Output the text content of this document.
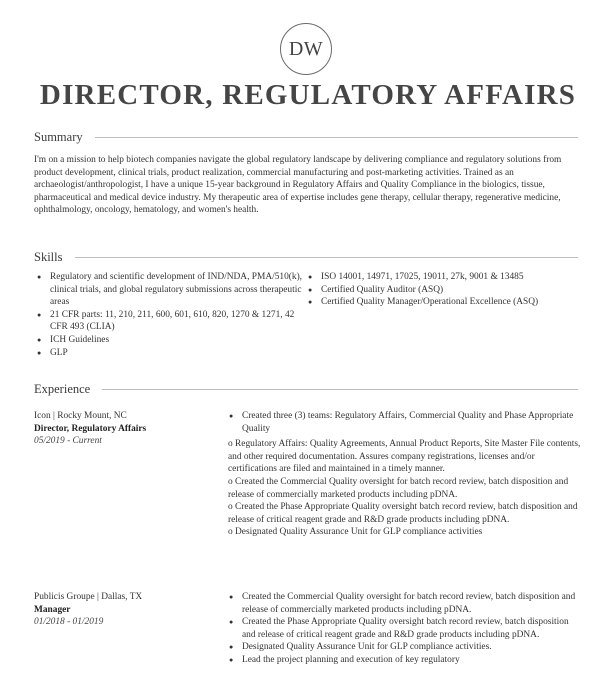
DW
DIRECTOR, REGULATORY AFFAIRS
Summary

I'm on a mission to help biotech companies navigate the global regulatory landscape by delivering compliance and regulatory solutions from product development, clinical trials, product realization, commercial manufacturing and post-marketing activities. Trained as an archaeologist/anthropologist, I have a unique 15-year background in Regulatory Affairs and Quality Compliance in the biologics, tissue, pharmaceutical and medical device industry. My therapeutic area of expertise includes gene therapy, cellular therapy, regenerative medicine, ophthalmology, oncology, hematology, and women's health.

Skills
● Regulatory and scientific development of IND/NDA, PMA/510(k), clinical trials, and global regulatory submissions across therapeutic areas
● 21 CFR parts: 11, 210, 211, 600, 601, 610, 820, 1270 & 1271, 42 CFR 493 (CLIA)
● ICH Guidelines
● GLP
● ISO 14001, 14971, 17025, 19011, 27k, 9001 & 13485
● Certified Quality Auditor (ASQ)
● Certified Quality Manager/Operational Excellence (ASQ)
Experience
Icon | Rocky Mount, NC
Director, Regulatory Affairs
05/2019 - Current

● Created three (3) teams: Regulatory Affairs, Commercial Quality and Phase Appropriate Quality

o Regulatory Affairs: Quality Agreements, Annual Product Reports, Site Master File contents, and other required documentation. Assures company registrations, licenses and/or certifications are filed and maintained in a timely manner.

o Created the Commercial Quality oversight for batch record review, batch disposition and release of commercially marketed products including pDNA.

o Created the Phase Appropriate Quality oversight batch record review, batch disposition and release of critical reagent grade and R&D grade products including pDNA.

o Designated Quality Assurance Unit for GLP compliance activities

Publicis Groupe | Dallas, TX
Manager
01/2018 - 01/2019

● Created the Commercial Quality oversight for batch record review, batch disposition and release of commercially marketed products including pDNA.

● Created the Phase Appropriate Quality oversight batch record review, batch disposition and release of critical reagent grade and R&D grade products including pDNA.

● Designated Quality Assurance Unit for GLP compliance activities.

● Lead the project planning and execution of key regulatory
